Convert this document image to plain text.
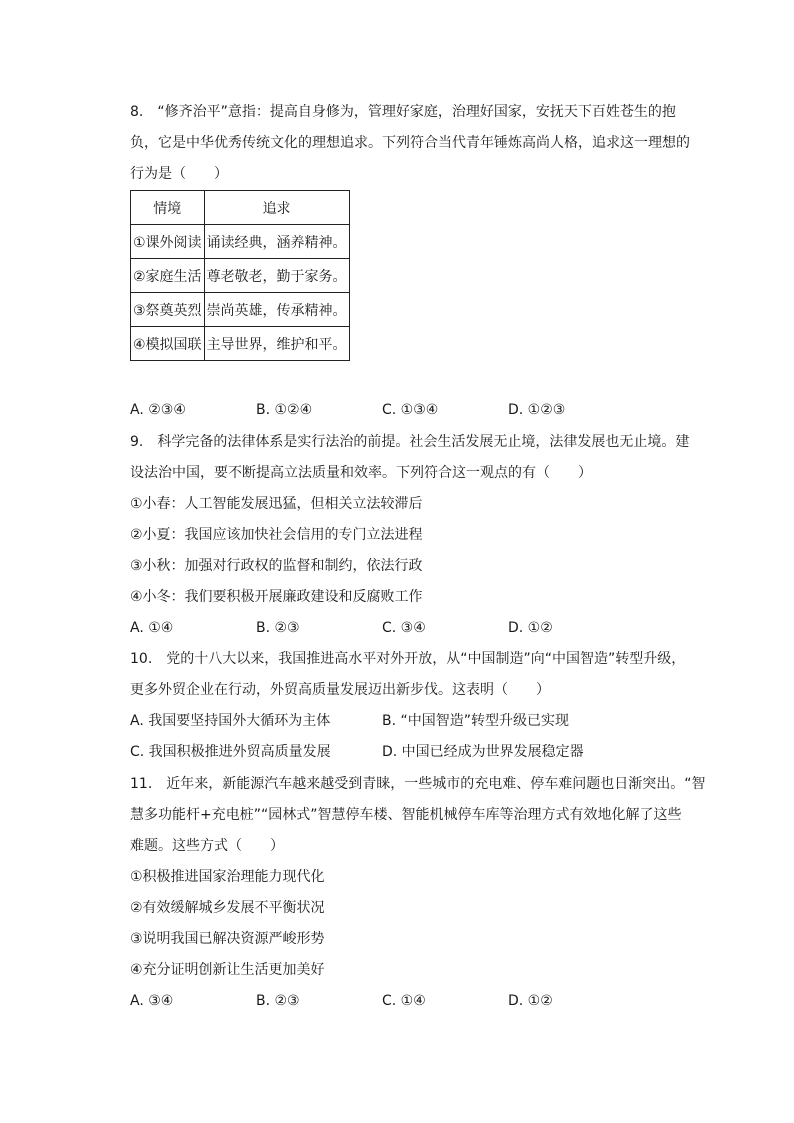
8.　“修齐治平”意指：提高自身修为，管理好家庭，治理好国家，安抚天下百姓苍生的抱
负，它是中华优秀传统文化的理想追求。下列符合当代青年锤炼高尚人格，追求这一理想的
行为是（　　）
情境	追求
①课外阅读	诵读经典，涵养精神。
②家庭生活	尊老敬老，勤于家务。
③祭奠英烈	崇尚英雄，传承精神。
④模拟国联	主导世界，维护和平。
A. ②③④	B. ①②④	C. ①③④	D. ①②③
9.　科学完备的法律体系是实行法治的前提。社会生活发展无止境，法律发展也无止境。建
设法治中国，要不断提高立法质量和效率。下列符合这一观点的有（　　）
①小春：人工智能发展迅猛，但相关立法较滞后
②小夏：我国应该加快社会信用的专门立法进程
③小秋：加强对行政权的监督和制约，依法行政
④小冬：我们要积极开展廉政建设和反腐败工作
A. ①④	B. ②③	C. ③④	D. ①②
10.　党的十八大以来，我国推进高水平对外开放，从“中国制造”向“中国智造”转型升级，
更多外贸企业在行动，外贸高质量发展迈出新步伐。这表明（　　）
A. 我国要坚持国外大循环为主体	B. “中国智造”转型升级已实现
C. 我国积极推进外贸高质量发展	D. 中国已经成为世界发展稳定器
11.　近年来，新能源汽车越来越受到青睐，一些城市的充电难、停车难问题也日渐突出。“智
慧多功能杆+充电桩”“园林式”智慧停车楼、智能机械停车库等治理方式有效地化解了这些
难题。这些方式（　　）
①积极推进国家治理能力现代化
②有效缓解城乡发展不平衡状况
③说明我国已解决资源严峻形势
④充分证明创新让生活更加美好
A. ③④	B. ②③	C. ①④	D. ①②
